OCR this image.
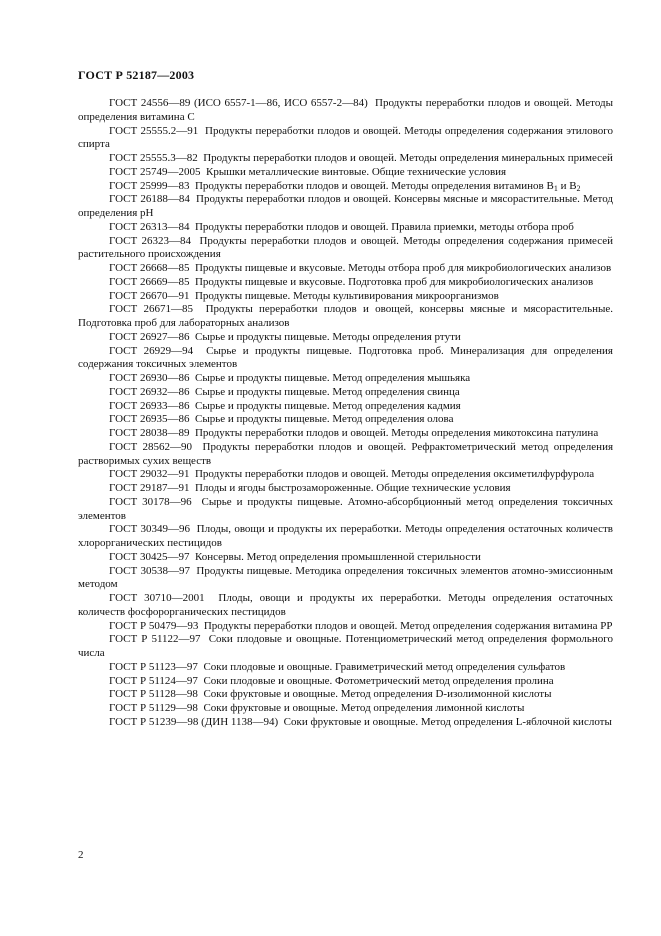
ГОСТ Р 52187—2003

ГОСТ 24556—89 (ИСО 6557-1—86, ИСО 6557-2—84) Продукты переработки плодов и овощей. Методы определения витамина С

ГОСТ 25555.2—91 Продукты переработки плодов и овощей. Методы определения содержания этилового спирта

ГОСТ 25555.3—82 Продукты переработки плодов и овощей. Методы определения минеральных примесей

ГОСТ 25749—2005 Крышки металлические винтовые. Общие технические условия

ГОСТ 25999—83 Продукты переработки плодов и овощей. Методы определения витаминов $В_1$ и $В_2$

ГОСТ 26188—84 Продукты переработки плодов и овощей. Консервы мясные и мясорастительные. Метод определения рН

ГОСТ 26313—84 Продукты переработки плодов и овощей. Правила приемки, методы отбора проб

ГОСТ 26323—84 Продукты переработки плодов и овощей. Методы определения содержания примесей растительного происхождения

ГОСТ 26668—85 Продукты пищевые и вкусовые. Методы отбора проб для микробиологических анализов

ГОСТ 26669—85 Продукты пищевые и вкусовые. Подготовка проб для микробиологических анализов

ГОСТ 26670—91 Продукты пищевые. Методы культивирования микроорганизмов

ГОСТ 26671—85 Продукты переработки плодов и овощей, консервы мясные и мясорастительные. Подготовка проб для лабораторных анализов

ГОСТ 26927—86 Сырье и продукты пищевые. Методы определения ртути

ГОСТ 26929—94 Сырье и продукты пищевые. Подготовка проб. Минерализация для определения содержания токсичных элементов

ГОСТ 26930—86 Сырье и продукты пищевые. Метод определения мышьяка

ГОСТ 26932—86 Сырье и продукты пищевые. Метод определения свинца

ГОСТ 26933—86 Сырье и продукты пищевые. Метод определения кадмия

ГОСТ 26935—86 Сырье и продукты пищевые. Метод определения олова

ГОСТ 28038—89 Продукты переработки плодов и овощей. Методы определения микотоксина патулина

ГОСТ 28562—90 Продукты переработки плодов и овощей. Рефрактометрический метод определения растворимых сухих веществ

ГОСТ 29032—91 Продукты переработки плодов и овощей. Методы определения оксиметилфурфурола

ГОСТ 29187—91 Плоды и ягоды быстрозамороженные. Общие технические условия

ГОСТ 30178—96 Сырье и продукты пищевые. Атомно-абсорбционный метод определения токсичных элементов

ГОСТ 30349—96 Плоды, овощи и продукты их переработки. Методы определения остаточных количеств хлорорганических пестицидов

ГОСТ 30425—97 Консервы. Метод определения промышленной стерильности

ГОСТ 30538—97 Продукты пищевые. Методика определения токсичных элементов атомно-эмиссионным методом

ГОСТ 30710—2001 Плоды, овощи и продукты их переработки. Методы определения остаточных количеств фосфорорганических пестицидов

ГОСТ Р 50479—93 Продукты переработки плодов и овощей. Метод определения содержания витамина РР

ГОСТ Р 51122—97 Соки плодовые и овощные. Потенциометрический метод определения формольного числа

ГОСТ Р 51123—97 Соки плодовые и овощные. Гравиметрический метод определения сульфатов

ГОСТ Р 51124—97 Соки плодовые и овощные. Фотометрический метод определения пролина

ГОСТ Р 51128—98 Соки фруктовые и овощные. Метод определения D-изолимонной кислоты

ГОСТ Р 51129—98 Соки фруктовые и овощные. Метод определения лимонной кислоты

ГОСТ Р 51239—98 (ДИН 1138—94) Соки фруктовые и овощные. Метод определения L-яблочной кислоты

2
